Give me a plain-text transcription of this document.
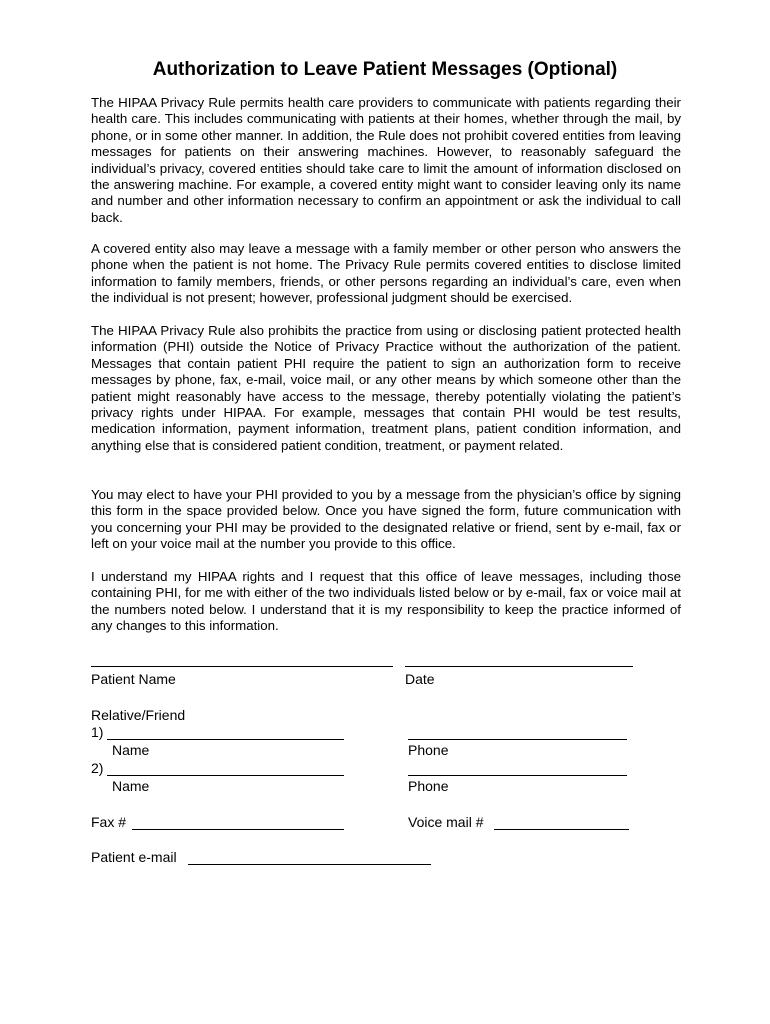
Authorization to Leave Patient Messages (Optional)
The HIPAA Privacy Rule permits health care providers to communicate with patients regarding their health care. This includes communicating with patients at their homes, whether through the mail, by phone, or in some other manner. In addition, the Rule does not prohibit covered entities from leaving messages for patients on their answering machines. However, to reasonably safeguard the individual’s privacy, covered entities should take care to limit the amount of information disclosed on the answering machine. For example, a covered entity might want to consider leaving only its name and number and other information necessary to confirm an appointment or ask the individual to call back.
A covered entity also may leave a message with a family member or other person who answers the phone when the patient is not home. The Privacy Rule permits covered entities to disclose limited information to family members, friends, or other persons regarding an individual’s care, even when the individual is not present; however, professional judgment should be exercised.
The HIPAA Privacy Rule also prohibits the practice from using or disclosing patient protected health information (PHI) outside the Notice of Privacy Practice without the authorization of the patient. Messages that contain patient PHI require the patient to sign an authorization form to receive messages by phone, fax, e-mail, voice mail, or any other means by which someone other than the patient might reasonably have access to the message, thereby potentially violating the patient’s privacy rights under HIPAA. For example, messages that contain PHI would be test results, medication information, payment information, treatment plans, patient condition information, and anything else that is considered patient condition, treatment, or payment related.
You may elect to have your PHI provided to you by a message from the physician’s office by signing this form in the space provided below. Once you have signed the form, future communication with you concerning your PHI may be provided to the designated relative or friend, sent by e-mail, fax or left on your voice mail at the number you provide to this office.
I understand my HIPAA rights and I request that this office of leave messages, including those containing PHI, for me with either of the two individuals listed below or by e-mail, fax or voice mail at the numbers noted below. I understand that it is my responsibility to keep the practice informed of any changes to this information.
Patient Name	Date
Relative/Friend
1)
Name	Phone
2)
Name	Phone
Fax #	Voice mail #
Patient e-mail
